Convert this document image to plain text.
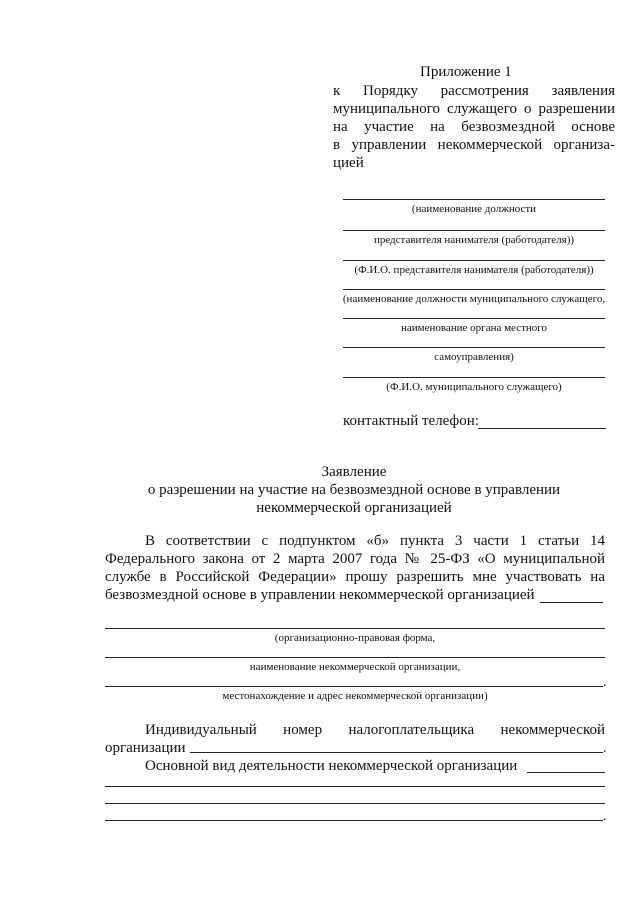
Приложение 1
к Порядку рассмотрения заявления
муниципального служащего о разрешении
на участие на безвозмездной основе
в управлении некоммерческой организа-
цией
(наименование должности
представителя нанимателя (работодателя))
(Ф.И.О. представителя нанимателя (работодателя))
(наименование должности муниципального служащего,
наименование органа местного
самоуправления)
(Ф.И.О. муниципального служащего)
контактный телефон:
Заявление
о разрешении на участие на безвозмездной основе в управлении
некоммерческой организацией
В соответствии с подпунктом «б» пункта 3 части 1 статьи 14
Федерального закона от 2 марта 2007 года № 25-ФЗ «О муниципальной
службе в Российской Федерации» прошу разрешить мне участвовать на
безвозмездной основе в управлении некоммерческой организацией
(организационно-правовая форма,
наименование некоммерческой организации,
.
местонахождение и адрес некоммерческой организации)
Индивидуальный номер налогоплательщика некоммерческой
организации	.
Основной вид деятельности некоммерческой организации
.
